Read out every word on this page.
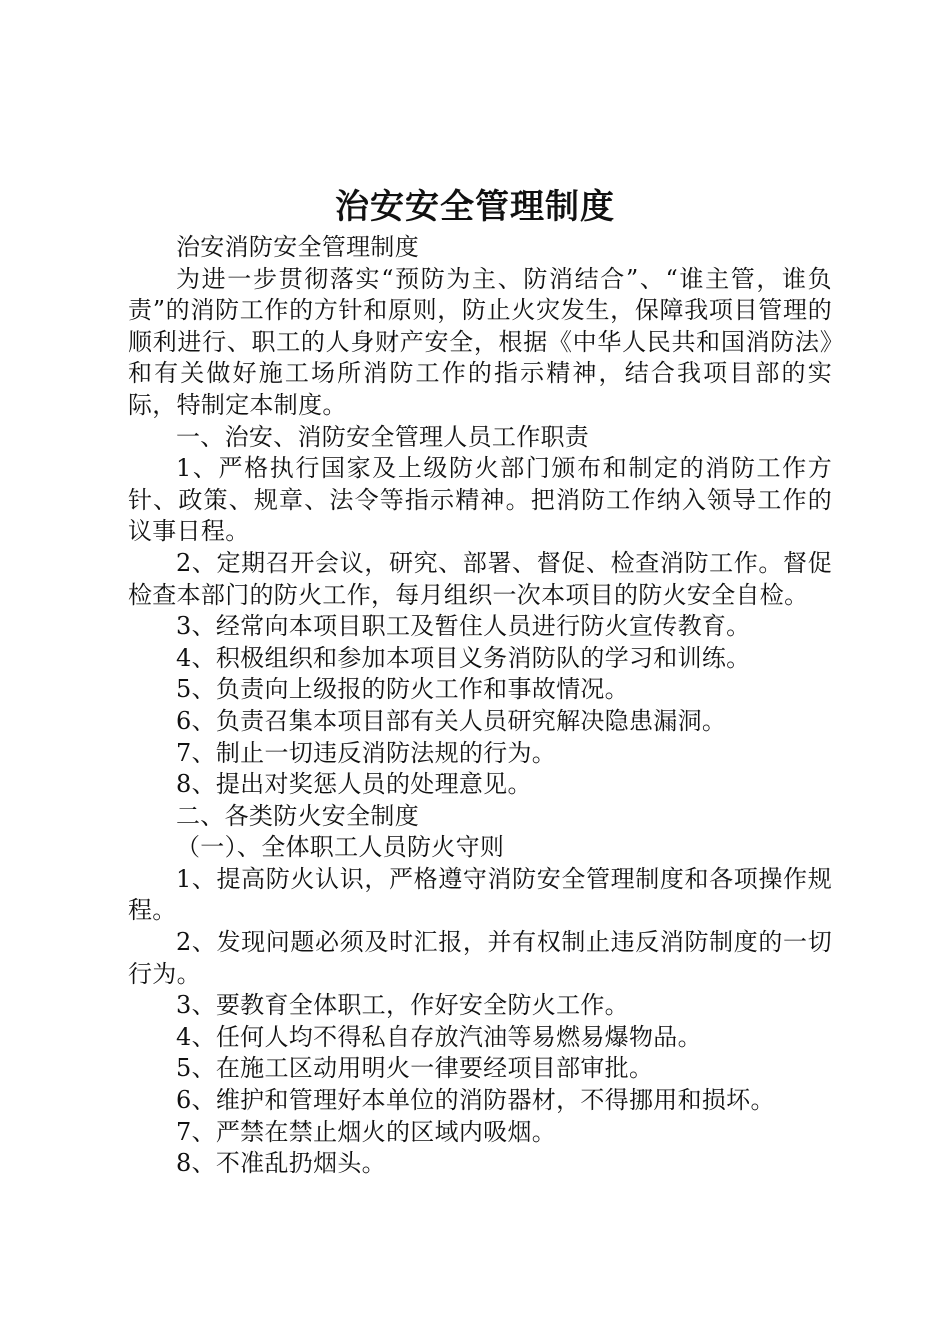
治安安全管理制度

治安消防安全管理制度

为进一步贯彻落实“预防为主、防消结合”、“谁主管，谁负责”的消防工作的方针和原则，防止火灾发生，保障我项目管理的顺利进行、职工的人身财产安全，根据《中华人民共和国消防法》和有关做好施工场所消防工作的指示精神，结合我项目部的实际，特制定本制度。

一、治安、消防安全管理人员工作职责

1、严格执行国家及上级防火部门颁布和制定的消防工作方针、政策、规章、法令等指示精神。把消防工作纳入领导工作的议事日程。

2、定期召开会议，研究、部署、督促、检查消防工作。督促检查本部门的防火工作，每月组织一次本项目的防火安全自检。

3、经常向本项目职工及暂住人员进行防火宣传教育。

4、积极组织和参加本项目义务消防队的学习和训练。

5、负责向上级报的防火工作和事故情况。

6、负责召集本项目部有关人员研究解决隐患漏洞。

7、制止一切违反消防法规的行为。

8、提出对奖惩人员的处理意见。

二、各类防火安全制度

（一）、全体职工人员防火守则

1、提高防火认识，严格遵守消防安全管理制度和各项操作规程。

2、发现问题必须及时汇报，并有权制止违反消防制度的一切行为。

3、要教育全体职工，作好安全防火工作。

4、任何人均不得私自存放汽油等易燃易爆物品。

5、在施工区动用明火一律要经项目部审批。

6、维护和管理好本单位的消防器材，不得挪用和损坏。

7、严禁在禁止烟火的区域内吸烟。

8、不准乱扔烟头。
